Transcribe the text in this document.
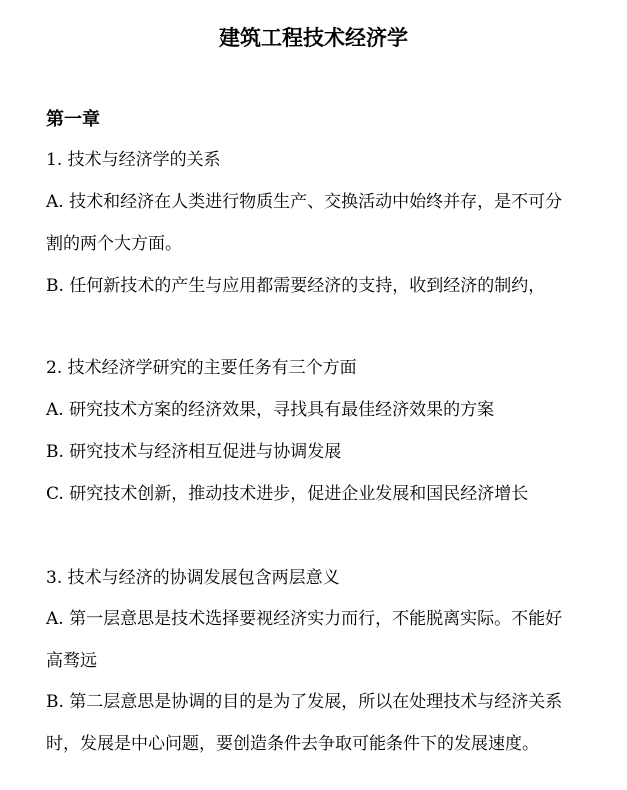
建筑工程技术经济学
第一章
1. 技术与经济学的关系
A. 技术和经济在人类进行物质生产、交换活动中始终并存，是不可分
割的两个大方面。
B. 任何新技术的产生与应用都需要经济的支持，收到经济的制约，
2. 技术经济学研究的主要任务有三个方面
A. 研究技术方案的经济效果，寻找具有最佳经济效果的方案
B. 研究技术与经济相互促进与协调发展
C. 研究技术创新，推动技术进步，促进企业发展和国民经济增长
3. 技术与经济的协调发展包含两层意义
A. 第一层意思是技术选择要视经济实力而行，不能脱离实际。不能好
高骛远
B. 第二层意思是协调的目的是为了发展，所以在处理技术与经济关系
时，发展是中心问题，要创造条件去争取可能条件下的发展速度。
